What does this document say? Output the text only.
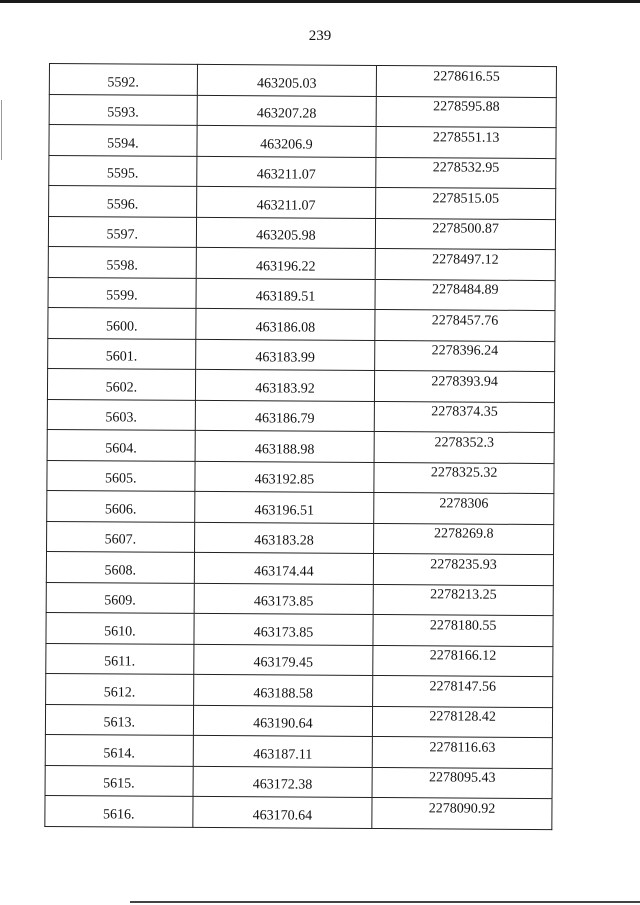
239
5592.	463205.03	2278616.55
5593.	463207.28	2278595.88
5594.	463206.9	2278551.13
5595.	463211.07	2278532.95
5596.	463211.07	2278515.05
5597.	463205.98	2278500.87
5598.	463196.22	2278497.12
5599.	463189.51	2278484.89
5600.	463186.08	2278457.76
5601.	463183.99	2278396.24
5602.	463183.92	2278393.94
5603.	463186.79	2278374.35
5604.	463188.98	2278352.3
5605.	463192.85	2278325.32
5606.	463196.51	2278306
5607.	463183.28	2278269.8
5608.	463174.44	2278235.93
5609.	463173.85	2278213.25
5610.	463173.85	2278180.55
5611.	463179.45	2278166.12
5612.	463188.58	2278147.56
5613.	463190.64	2278128.42
5614.	463187.11	2278116.63
5615.	463172.38	2278095.43
5616.	463170.64	2278090.92
